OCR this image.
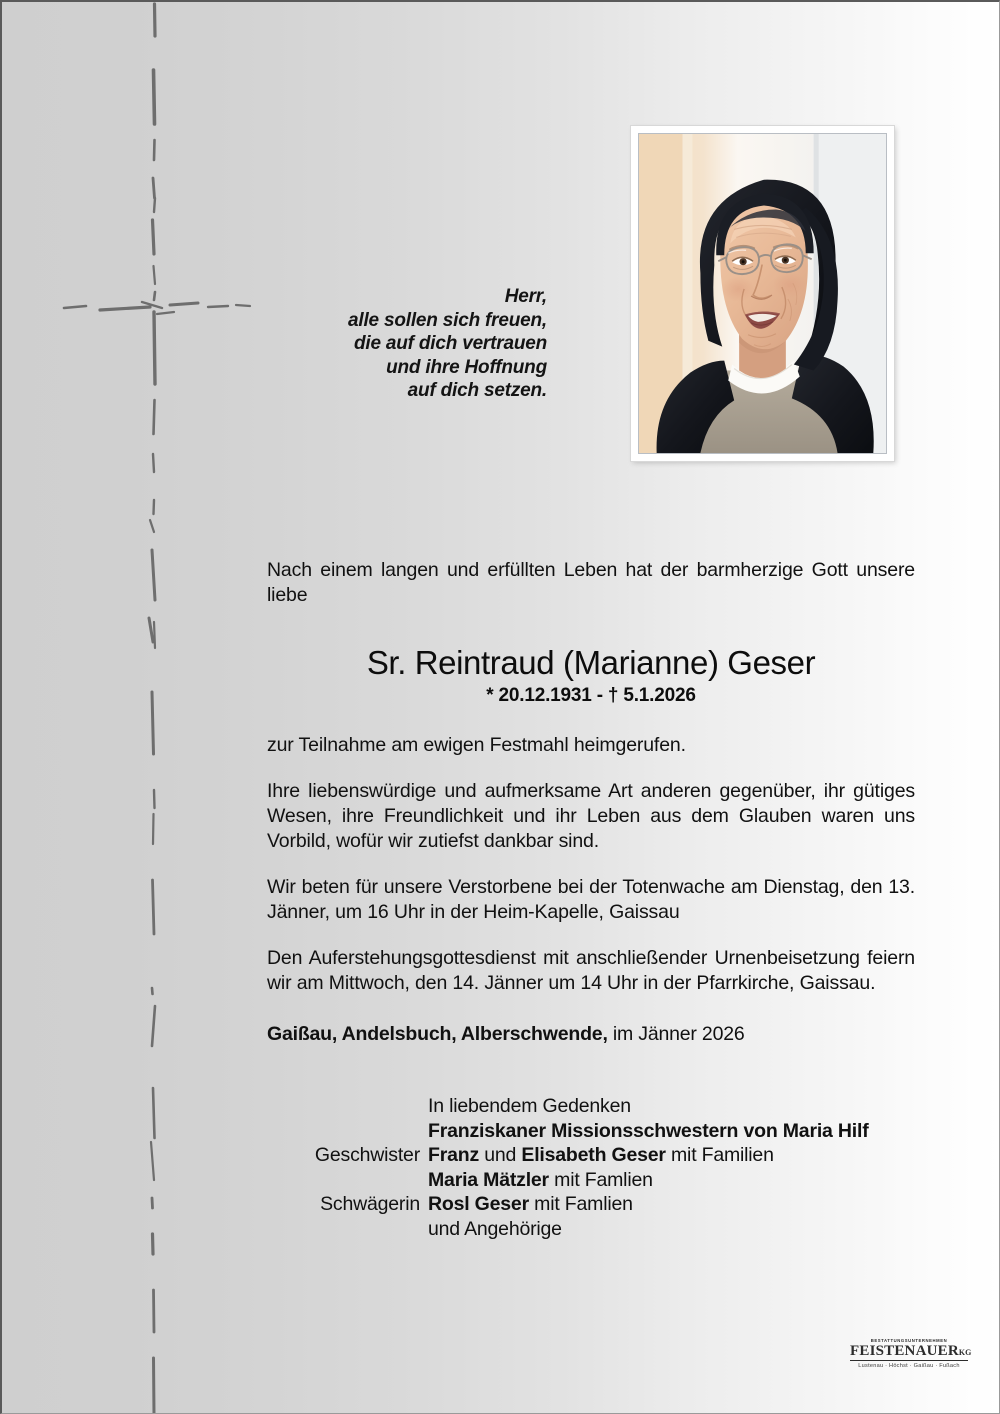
Herr,
alle sollen sich freuen,
die auf dich vertrauen
und ihre Hoffnung
auf dich setzen.

Nach einem langen und erfüllten Leben hat der barmherzige Gott unsere liebe

Sr. Reintraud (Marianne) Geser
* 20.12.1931 - † 5.1.2026

zur Teilnahme am ewigen Festmahl heimgerufen.

Ihre liebenswürdige und aufmerksame Art anderen gegenüber, ihr gütiges Wesen, ihre Freundlichkeit und ihr Leben aus dem Glauben waren uns Vorbild, wofür wir zutiefst dankbar sind.

Wir beten für unsere Verstorbene bei der Totenwache am Dienstag, den 13. Jänner, um 16 Uhr in der Heim-Kapelle, Gaissau

Den Auferstehungsgottesdienst mit anschließender Urnenbeisetzung feiern wir am Mittwoch, den 14. Jänner um 14 Uhr in der Pfarrkirche, Gaissau.

Gaißau, Andelsbuch, Alberschwende, im Jänner 2026

In liebendem Gedenken
Franziskaner Missionsschwestern von Maria Hilf
Geschwister Franz und Elisabeth Geser mit Familien
Maria Mätzler mit Famlien
Schwägerin Rosl Geser mit Famlien
und Angehörige
BESTATTUNGSUNTERNEHMEN
FEISTENAUERKG
Lustenau · Höchst · Gaißau · Fußach
